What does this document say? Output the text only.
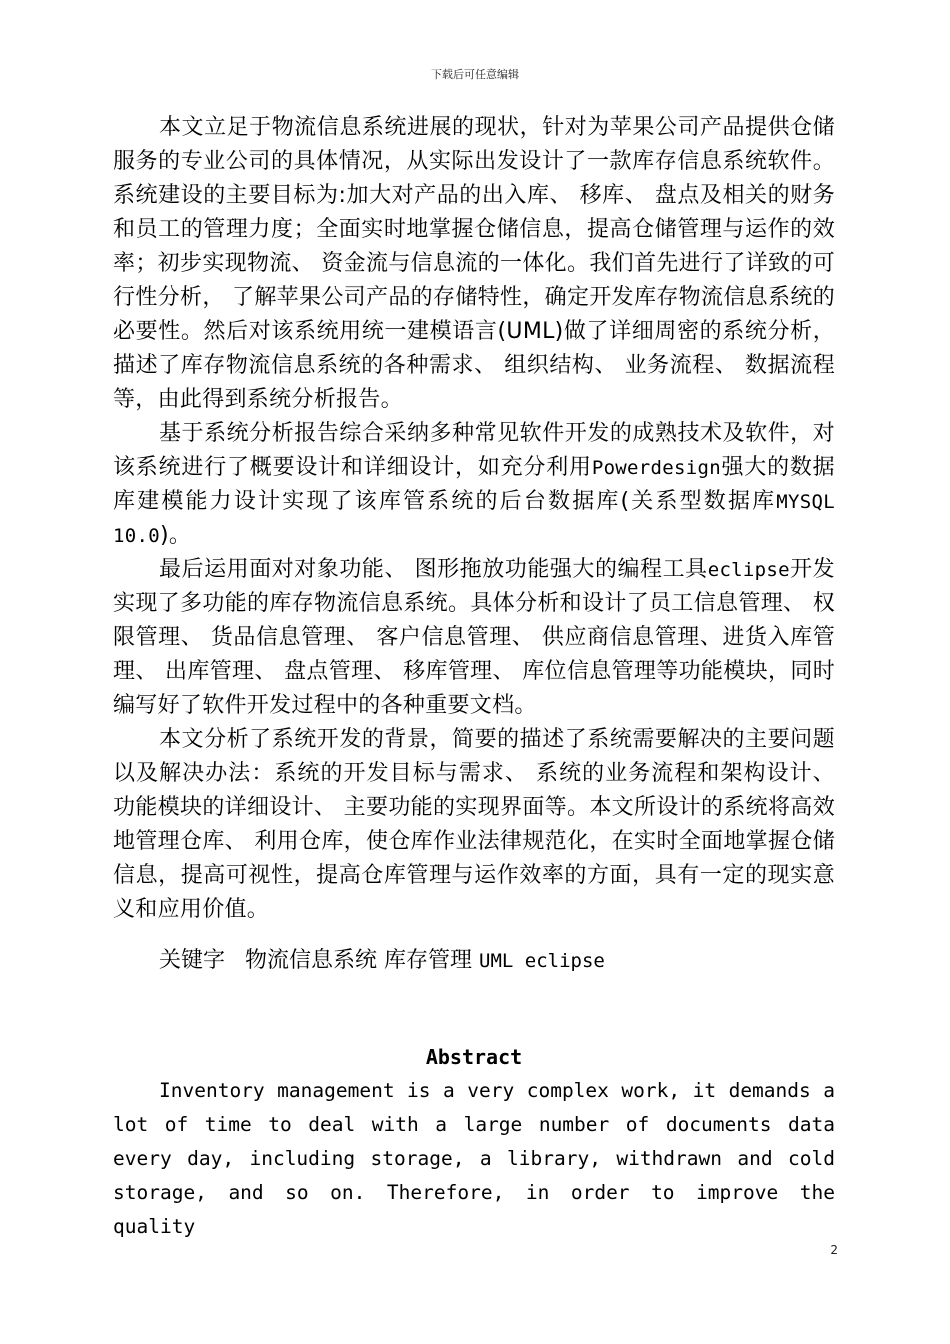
下载后可任意编辑

本文立足于物流信息系统进展的现状，针对为苹果公司产品提供仓储服务的专业公司的具体情况，从实际出发设计了一款库存信息系统软件。系统建设的主要目标为:加大对产品的出入库、 移库、 盘点及相关的财务和员工的管理力度；全面实时地掌握仓储信息，提高仓储管理与运作的效率；初步实现物流、 资金流与信息流的一体化。我们首先进行了详致的可行性分析， 了解苹果公司产品的存储特性，确定开发库存物流信息系统的必要性。然后对该系统用统一建模语言(UML)做了详细周密的系统分析，描述了库存物流信息系统的各种需求、 组织结构、 业务流程、 数据流程等，由此得到系统分析报告。

基于系统分析报告综合采纳多种常见软件开发的成熟技术及软件，对该系统进行了概要设计和详细设计，如充分利用Powerdesign强大的数据库建模能力设计实现了该库管系统的后台数据库(关系型数据库MYSQL 10.0)。

最后运用面对对象功能、 图形拖放功能强大的编程工具eclipse开发实现了多功能的库存物流信息系统。具体分析和设计了员工信息管理、 权限管理、 货品信息管理、 客户信息管理、 供应商信息管理、进货入库管理、 出库管理、 盘点管理、 移库管理、 库位信息管理等功能模块，同时编写好了软件开发过程中的各种重要文档。

本文分析了系统开发的背景，简要的描述了系统需要解决的主要问题以及解决办法：系统的开发目标与需求、 系统的业务流程和架构设计、 功能模块的详细设计、 主要功能的实现界面等。本文所设计的系统将高效地管理仓库、 利用仓库，使仓库作业法律规范化，在实时全面地掌握仓储信息，提高可视性，提高仓库管理与运作效率的方面，具有一定的现实意义和应用价值。

关键字 物流信息系统 库存管理 UML eclipse

Abstract

Inventory management is a very complex work, it demands a lot of time to deal with a large number of documents data every day, including storage, a library, withdrawn and cold storage, and so on. Therefore, in order to improve the quality

2
